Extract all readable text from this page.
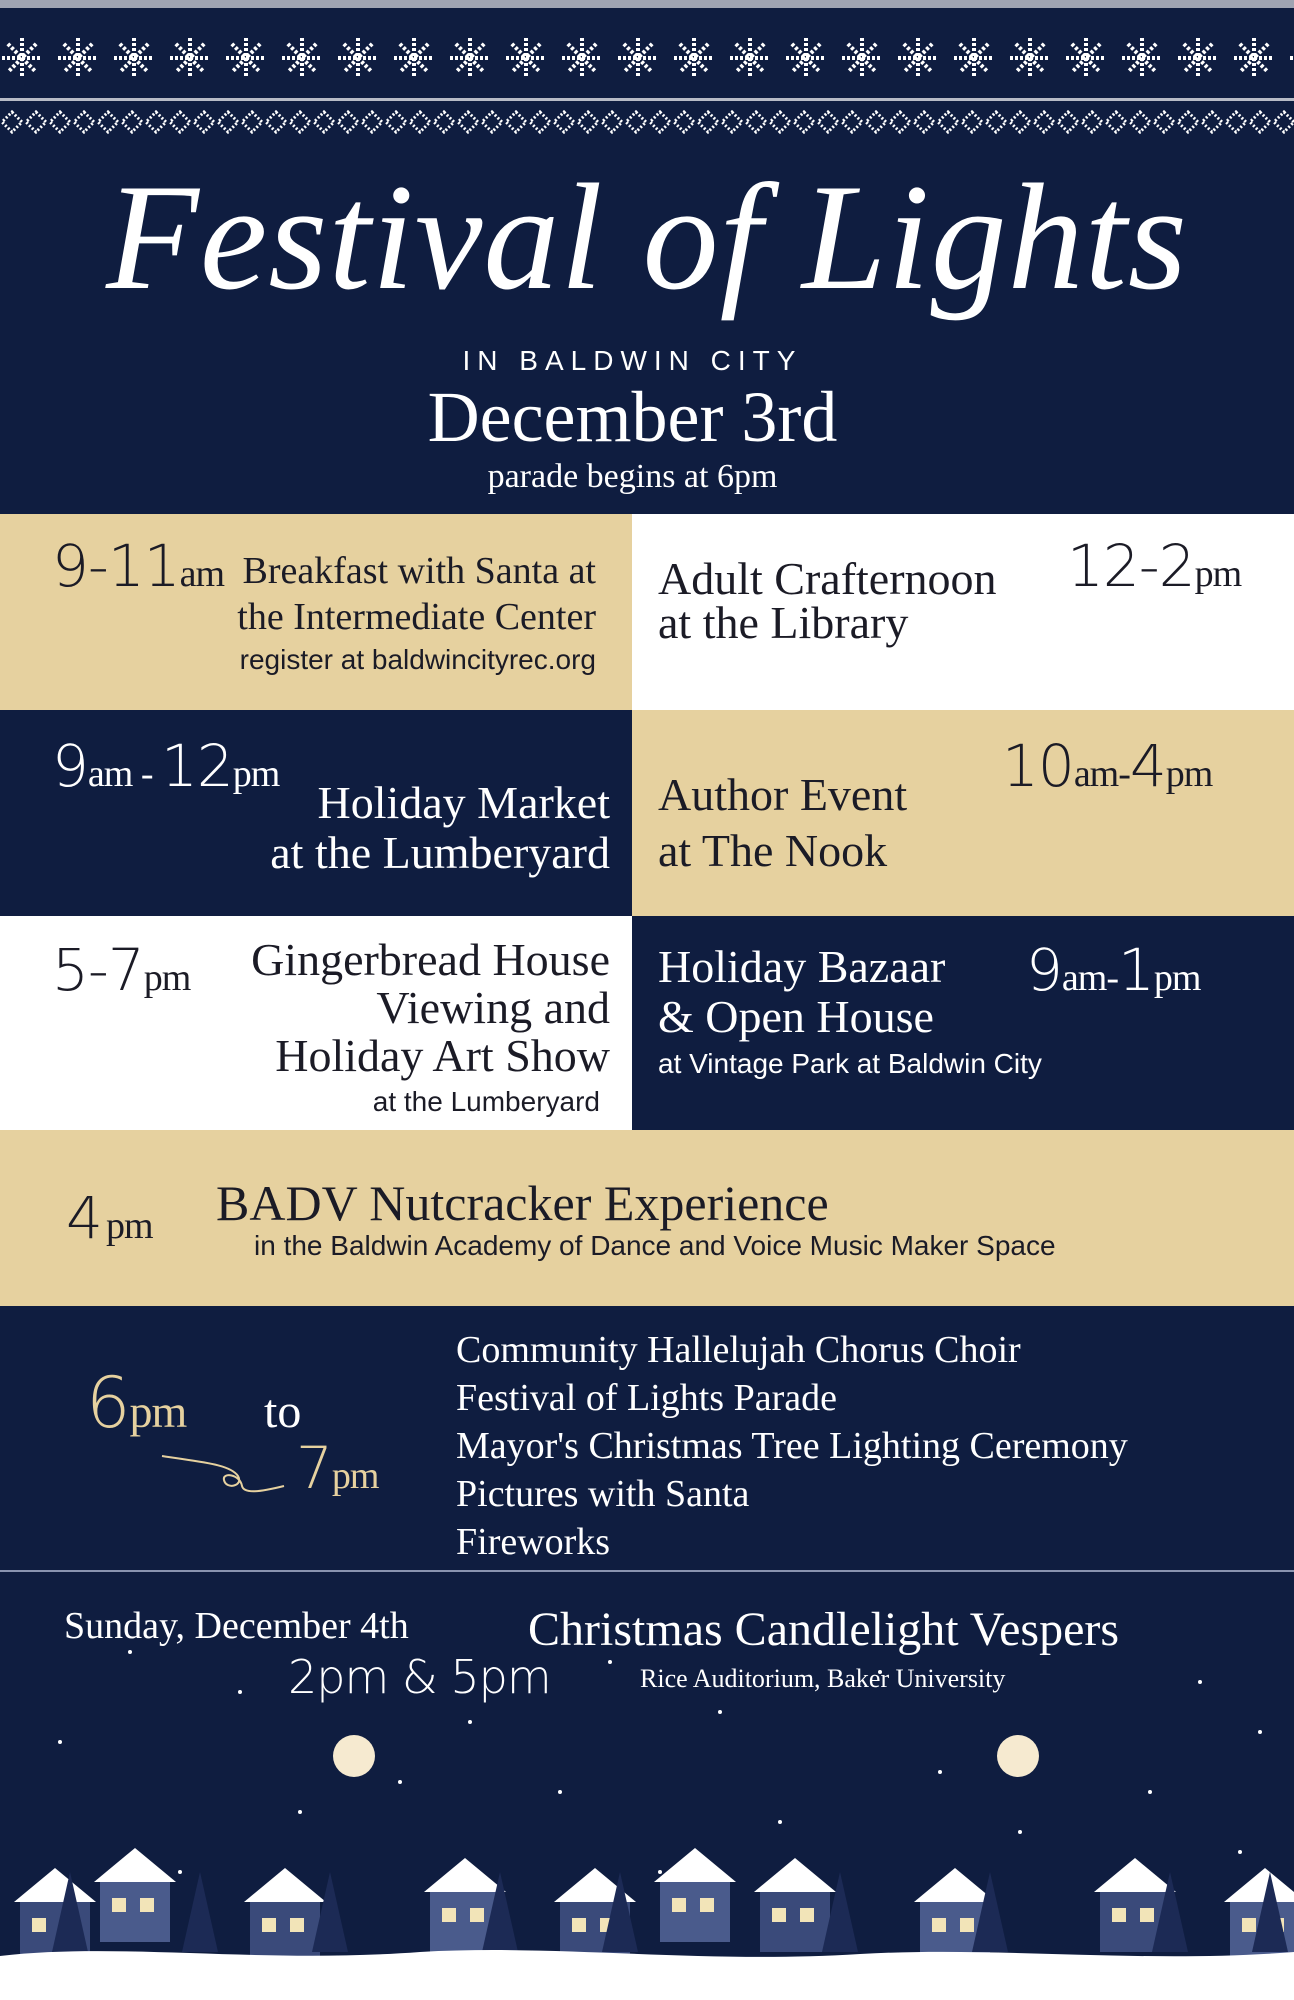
Festival of Lights
IN BALDWIN CITY
December 3rd
parade begins at 6pm
9-11am Breakfast with Santa at
the Intermediate Center
register at baldwincityrec.org
Adult Crafternoon
at the Library
12-2pm
9am - 12pm
Holiday Market
at the Lumberyard
Author Event
at The Nook
10am-4pm
5-7pm Gingerbread House
Viewing and
Holiday Art Show
at the Lumberyard
Holiday Bazaar
& Open House
at Vintage Park at Baldwin City
9am-1pm
4 pm BADV Nutcracker Experience
in the Baldwin Academy of Dance and Voice Music Maker Space
6pm to
7pm
Community Hallelujah Chorus Choir
Festival of Lights Parade
Mayor's Christmas Tree Lighting Ceremony
Pictures with Santa
Fireworks
Sunday, December 4th
2pm & 5pm
Christmas Candlelight Vespers
Rice Auditorium, Baker University
